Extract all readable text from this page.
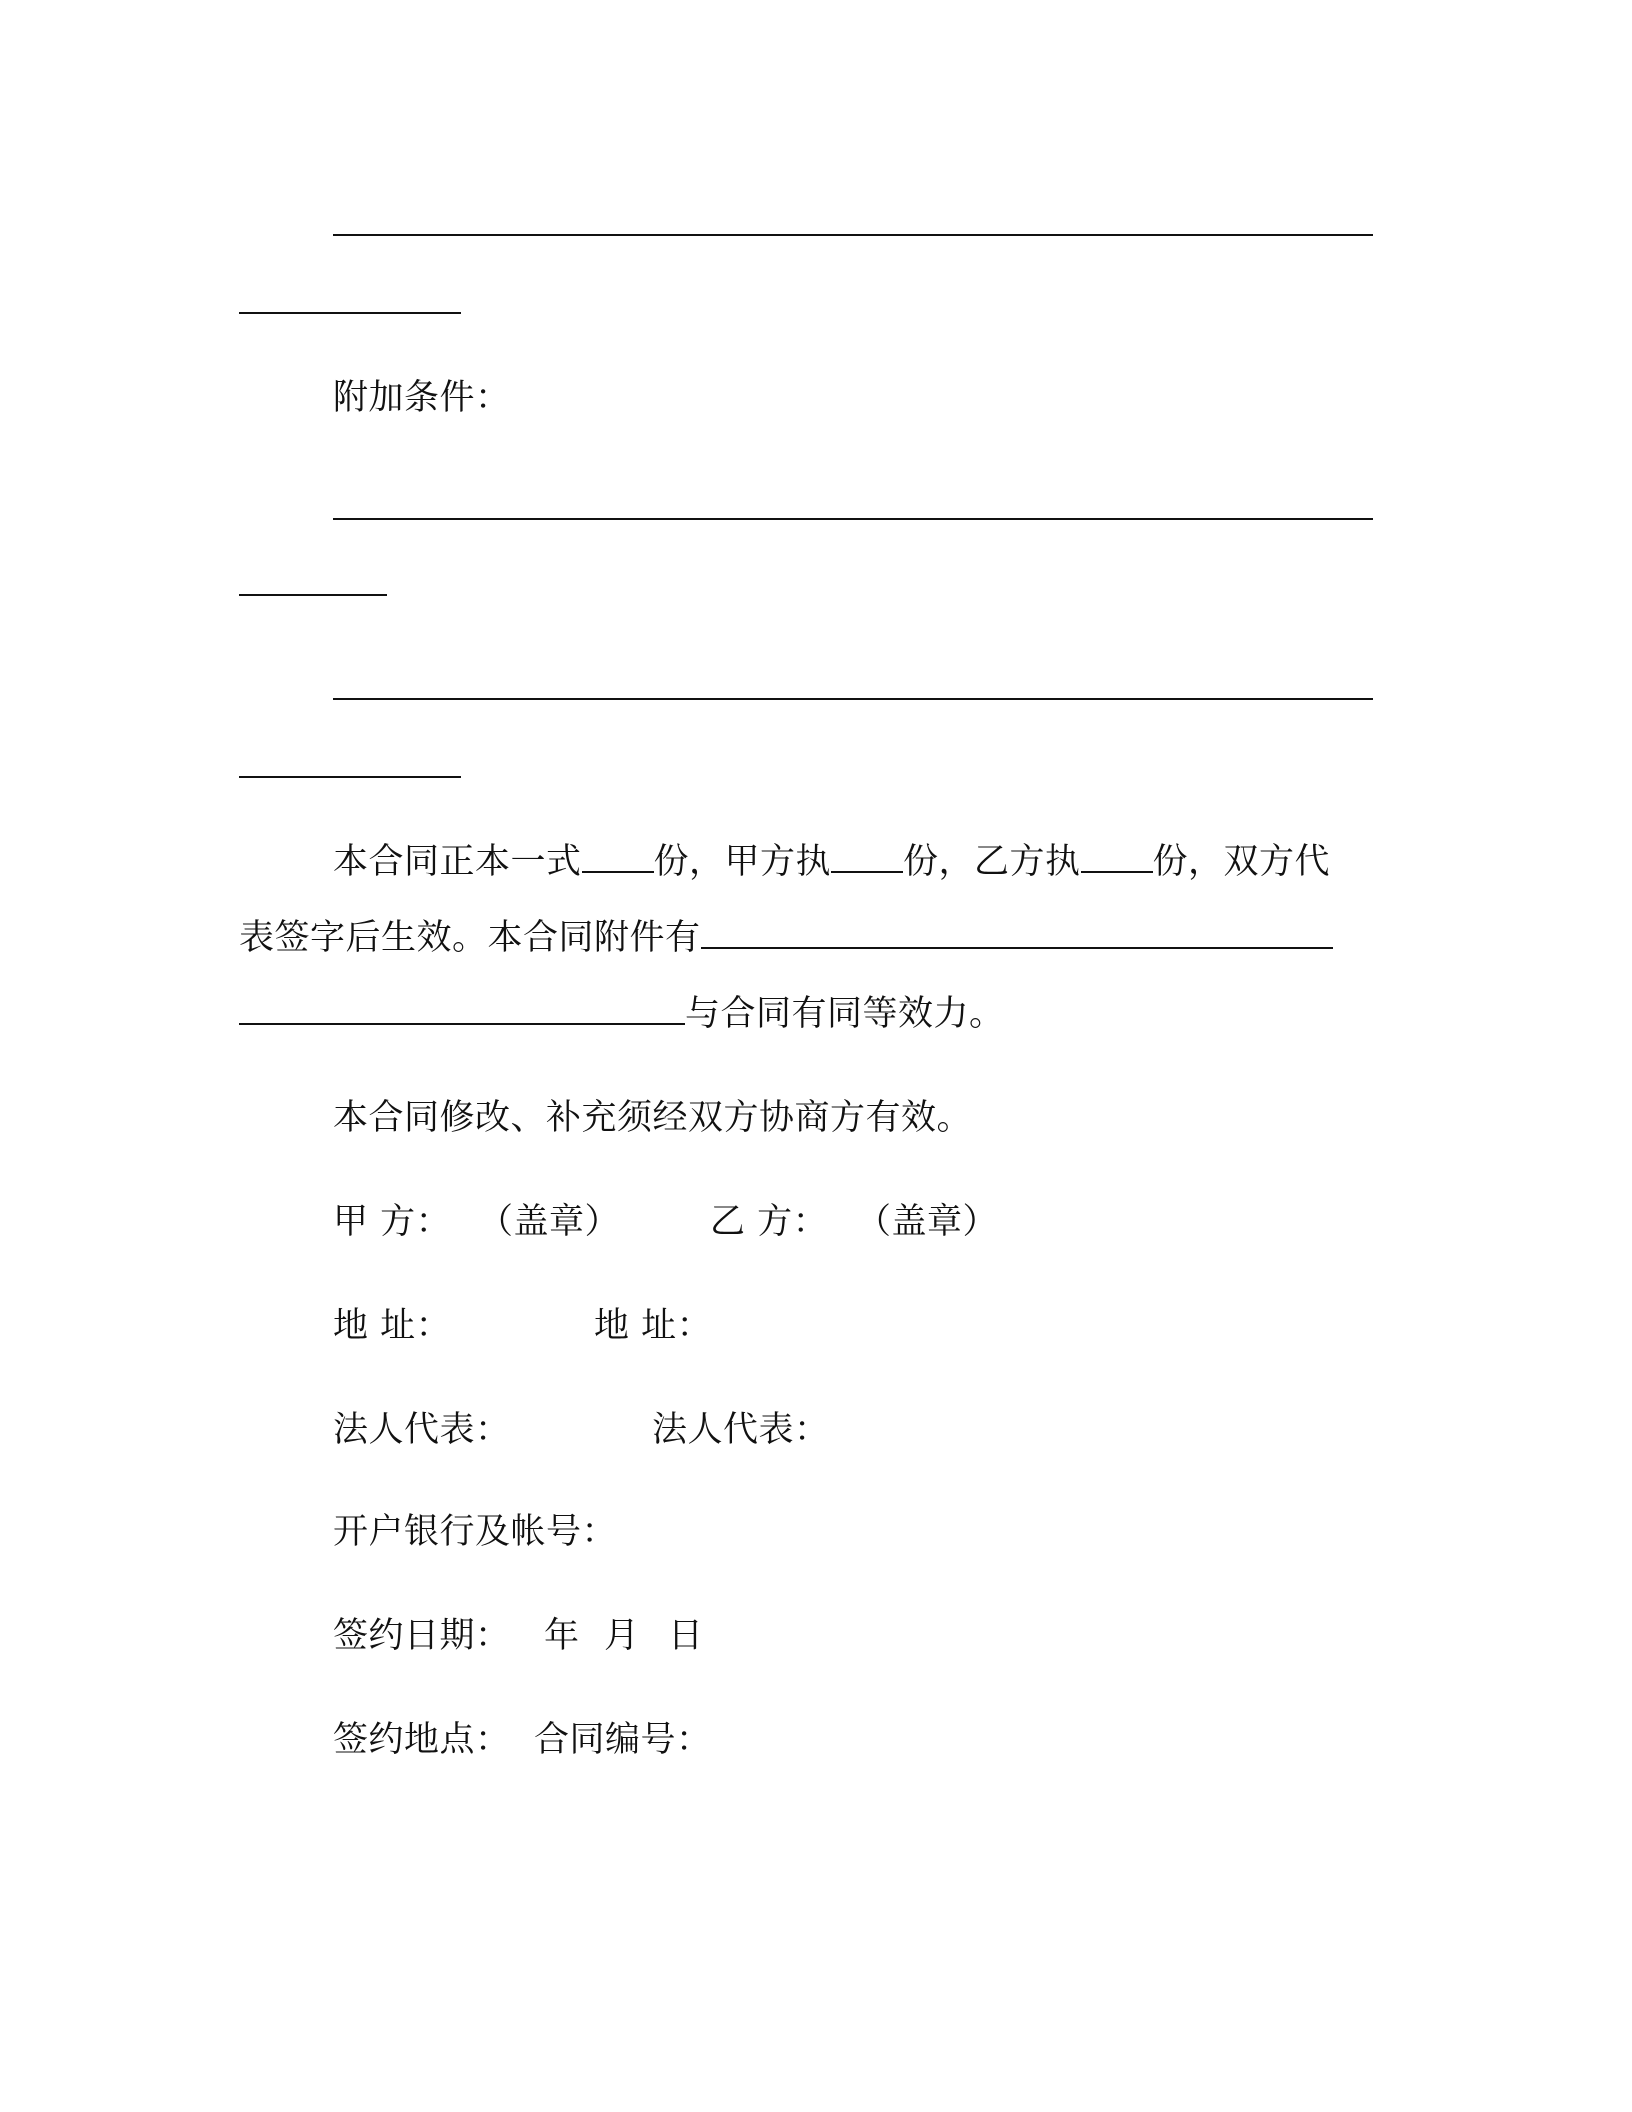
附加条件：
本合同正本一式 份，甲方执 份，乙方执 份，双方代
表签字后生效。本合同附件有
与合同有同等效力。
本合同修改、补充须经双方协商方有效。
甲 方： （盖章）	乙 方： （盖章）
地 址：	地 址：
法人代表：	法人代表：
开户银行及帐号：
签约日期： 年 月 日
签约地点： 合同编号：
